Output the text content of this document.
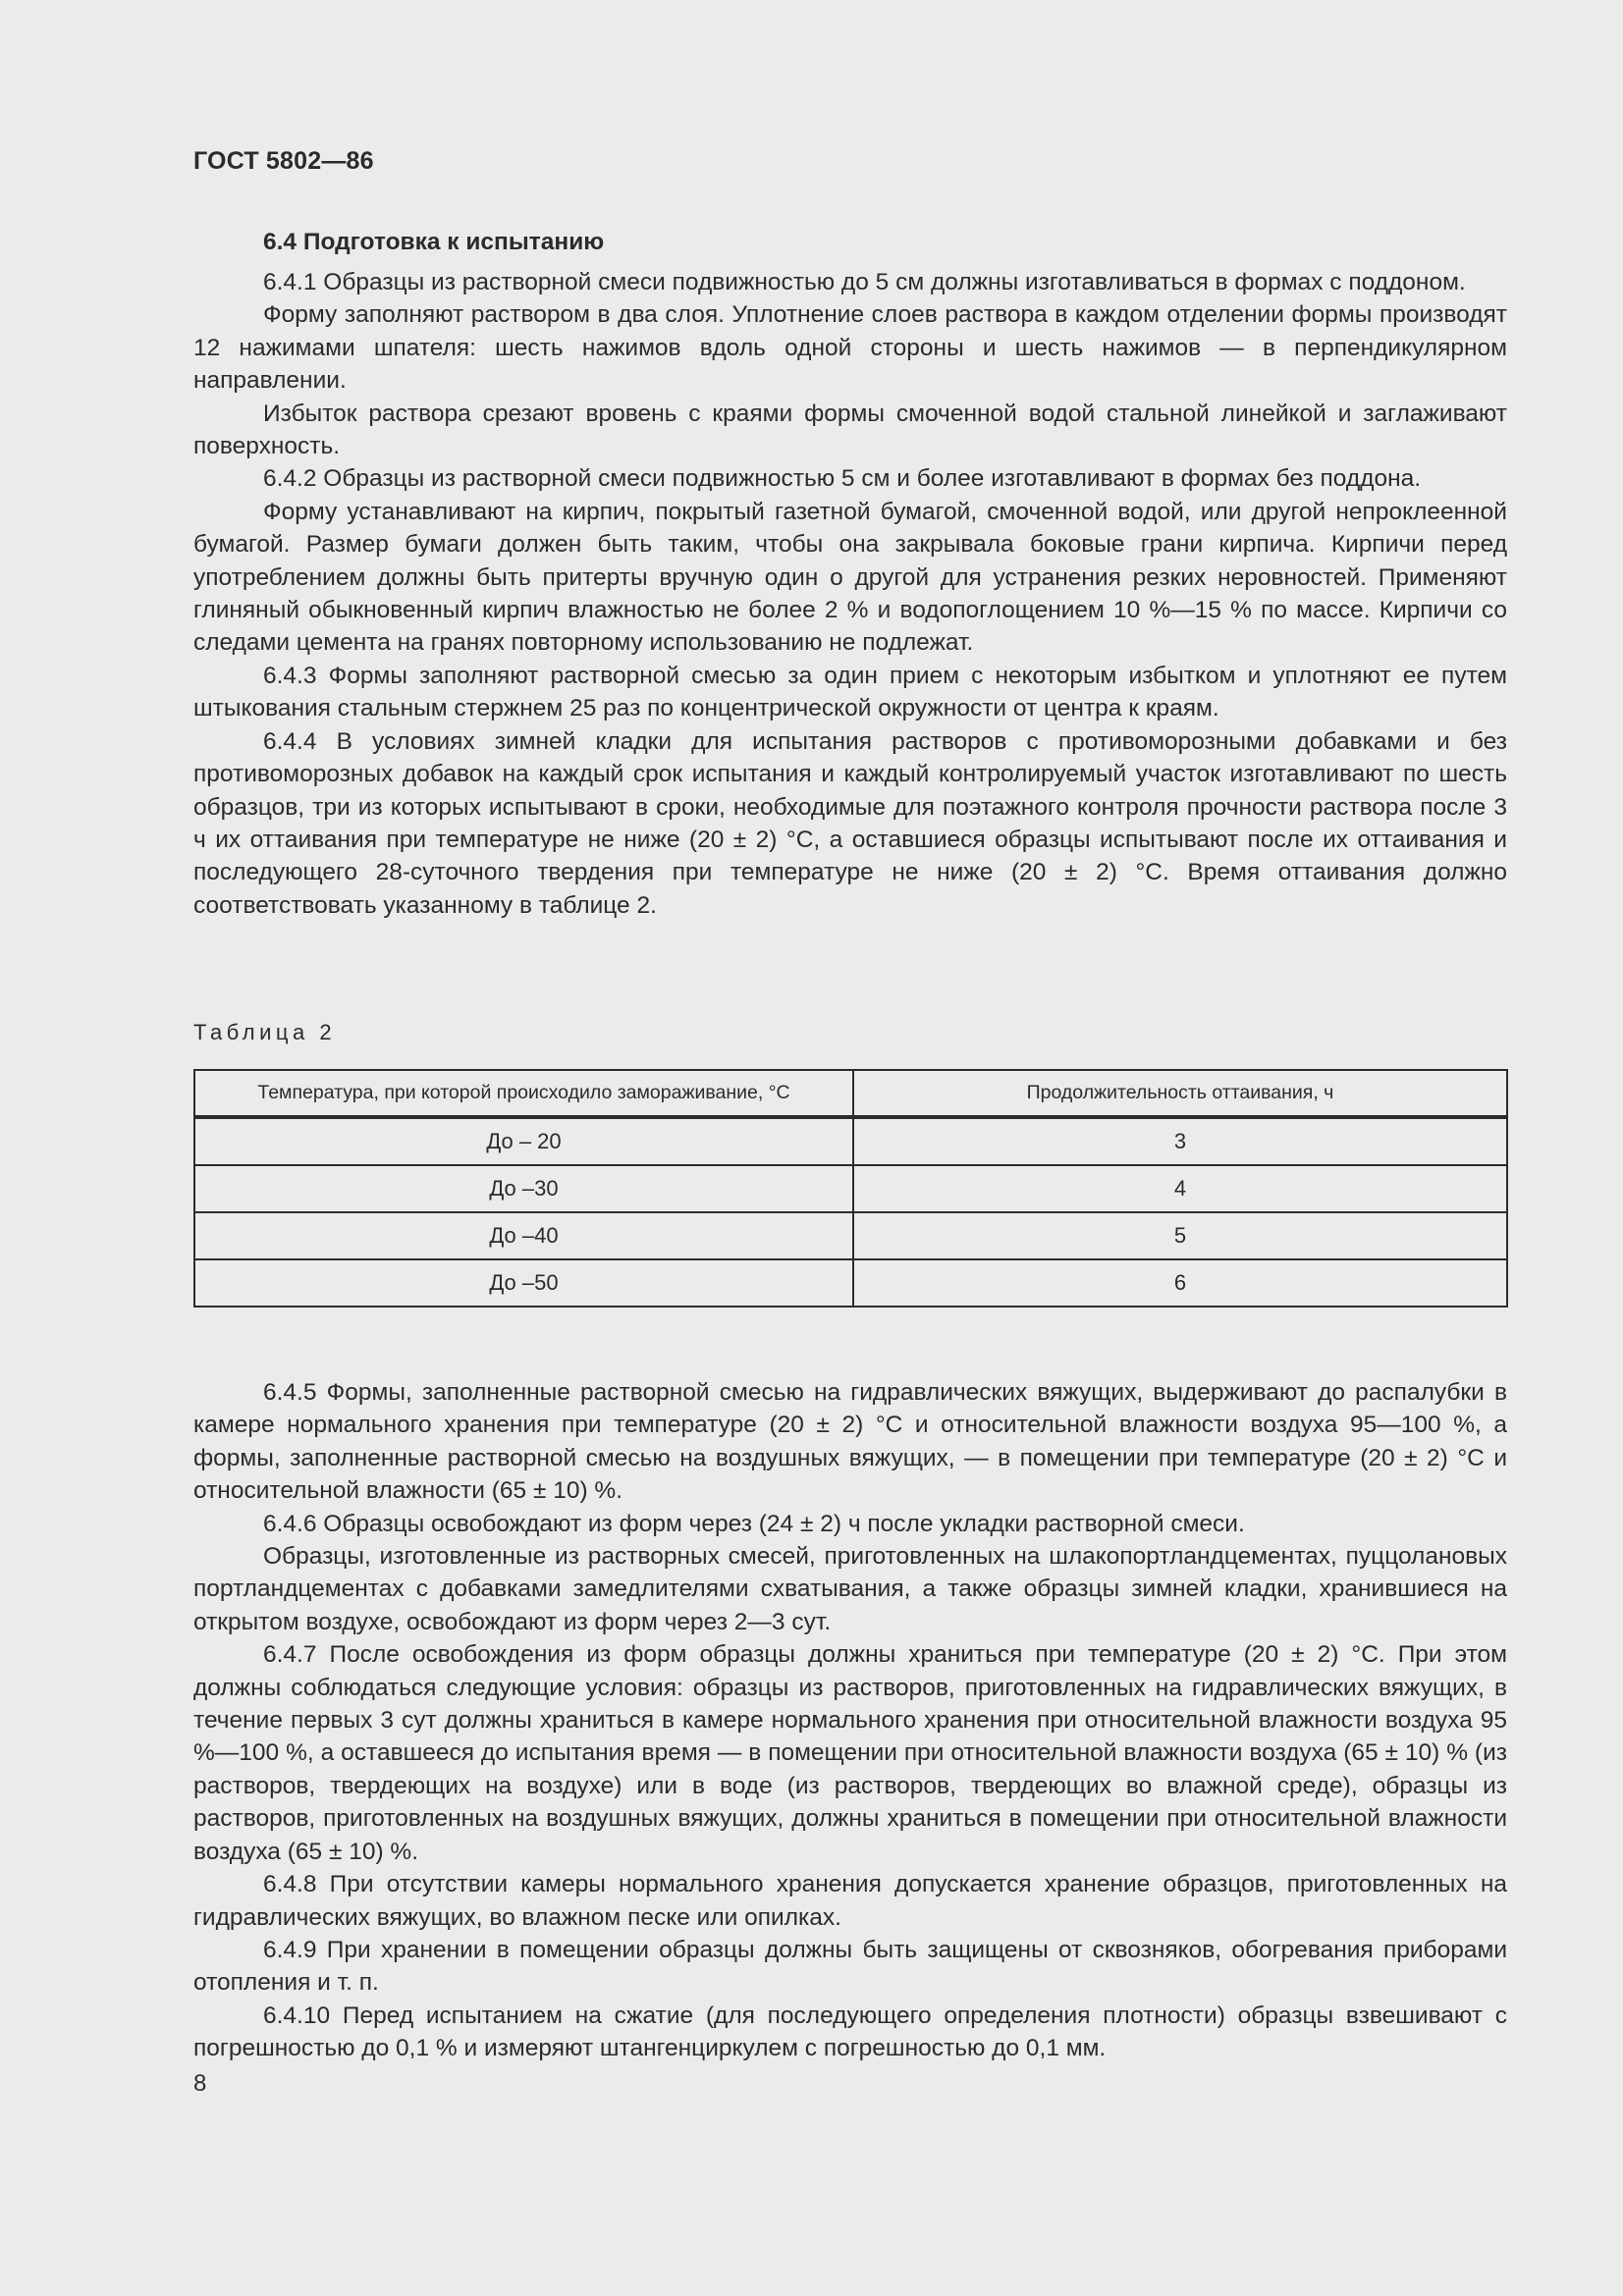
ГОСТ 5802—86
6.4 Подготовка к испытанию

6.4.1 Образцы из растворной смеси подвижностью до 5 см должны изготавливаться в формах с поддоном.

Форму заполняют раствором в два слоя. Уплотнение слоев раствора в каждом отделении формы производят 12 нажимами шпателя: шесть нажимов вдоль одной стороны и шесть нажимов — в перпендикулярном направлении.

Избыток раствора срезают вровень с краями формы смоченной водой стальной линейкой и заглаживают поверхность.

6.4.2 Образцы из растворной смеси подвижностью 5 см и более изготавливают в формах без поддона.

Форму устанавливают на кирпич, покрытый газетной бумагой, смоченной водой, или другой непроклеенной бумагой. Размер бумаги должен быть таким, чтобы она закрывала боковые грани кирпича. Кирпичи перед употреблением должны быть притерты вручную один о другой для устранения резких неровностей. Применяют глиняный обыкновенный кирпич влажностью не более 2 % и водопоглощением 10 %—15 % по массе. Кирпичи со следами цемента на гранях повторному использованию не подлежат.

6.4.3 Формы заполняют растворной смесью за один прием с некоторым избытком и уплотняют ее путем штыкования стальным стержнем 25 раз по концентрической окружности от центра к краям.

6.4.4 В условиях зимней кладки для испытания растворов с противоморозными добавками и без противоморозных добавок на каждый срок испытания и каждый контролируемый участок изготавливают по шесть образцов, три из которых испытывают в сроки, необходимые для поэтажного контроля прочности раствора после 3 ч их оттаивания при температуре не ниже (20 ± 2) °С, а оставшиеся образцы испытывают после их оттаивания и последующего 28-суточного твердения при температуре не ниже (20 ± 2) °С. Время оттаивания должно соответствовать указанному в таблице 2.

Таблица 2
Температура, при которой происходило замораживание, °С	Продолжительность оттаивания, ч
До – 20	3
До –30	4
До –40	5
До –50	6

6.4.5 Формы, заполненные растворной смесью на гидравлических вяжущих, выдерживают до распалубки в камере нормального хранения при температуре (20 ± 2) °С и относительной влажности воздуха 95—100 %, а формы, заполненные растворной смесью на воздушных вяжущих, — в помещении при температуре (20 ± 2) °С и относительной влажности (65 ± 10) %.

6.4.6 Образцы освобождают из форм через (24 ± 2) ч после укладки растворной смеси.

Образцы, изготовленные из растворных смесей, приготовленных на шлакопортландцементах, пуццолановых портландцементах с добавками замедлителями схватывания, а также образцы зимней кладки, хранившиеся на открытом воздухе, освобождают из форм через 2—3 сут.

6.4.7 После освобождения из форм образцы должны храниться при температуре (20 ± 2) °С. При этом должны соблюдаться следующие условия: образцы из растворов, приготовленных на гидравлических вяжущих, в течение первых 3 сут должны храниться в камере нормального хранения при относительной влажности воздуха 95 %—100 %, а оставшееся до испытания время — в помещении при относительной влажности воздуха (65 ± 10) % (из растворов, твердеющих на воздухе) или в воде (из растворов, твердеющих во влажной среде), образцы из растворов, приготовленных на воздушных вяжущих, должны храниться в помещении при относительной влажности воздуха (65 ± 10) %.

6.4.8 При отсутствии камеры нормального хранения допускается хранение образцов, приготовленных на гидравлических вяжущих, во влажном песке или опилках.

6.4.9 При хранении в помещении образцы должны быть защищены от сквозняков, обогревания приборами отопления и т. п.

6.4.10 Перед испытанием на сжатие (для последующего определения плотности) образцы взвешивают с погрешностью до 0,1 % и измеряют штангенциркулем с погрешностью до 0,1 мм.

8
